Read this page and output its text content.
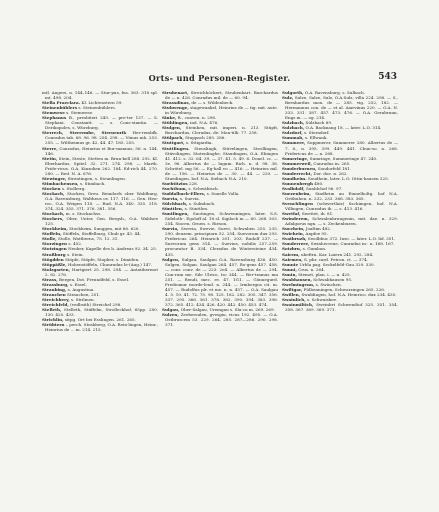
Orts- und Personen-Register.	543
mtl. Angers, n. 144–146. — Stur-pus, fus. 363. 318 spl. mt. 498. 204.
Stella Praeclara. Kl. Lichtenstern 59.
Steinenbühlers s. Steinenbühlers.
Stemwese s. Stemwese.
Stephanus B., presbiteri 249. — pre-ter 137. — S. Stephani. Constantt. — s. Cons-stantia. — Derikopoles, s. Würzburg.
Sterrech, Sterrembe, Sternenrik Her-rembfk. Conradus tab. 68. 96. 98. 254. 298. — Viinus mh. 253. 255. — Wiltheimus gr. 42. 44. 47. 185. 255.
Sterre, Conradus, Heinrius et Bur-mannus, 56. n. 144. 146.
Stetin, Stein, Steste, Stetten m. Brun-kell 288. 292. Kl. Eberhardus, Spitel. 32. 271. 274. 298. — Marth. Fride-ricus. O.A. Kinzolien 262. 184. Ed-rich 44. 270. 280. — Red. N. A. 676.
Stewinger, Strentingen, s. Steunlingen.
Stimbachensen, s. Stimbach.
Stocken s. Stolberg.
Stockach, Stocken, Greu. Beindorfs ober Waldburg, O.A. Ravensburg, Waltheus ov. 117. 116. — Gen. Heu-roc, O.A. Weigen 118. — Rud. N.A. 340. 335. 318. 374. 324. 355. 371. 376. 381. 356.
Stockach, m. s. Stockachss.
Stochers, Ober, Unter, Gen. Bergsh., O.A. Waldsee 125.
Stockheim, Stockheim, Sunggen, mit 66. 620.
Stoffeln, Stöffeln, Stoffelburg, Chub gr. 43. 44.
Stolle, Stolle, Wattberns, 75. 12. 31.
Storzingen s. 452.
Stotzingen Neuber, Kapelle des h. Andreas 92. 34. 25.
Straßburg s. Stein.
Stögdden Stöpfe, Stöpfe, Stopher, s. Dimiden.
Stöppäßle, Hohenstöffeln, Chunradus le-(Aug.) 147.
Stolzgarten, Hartgiert 25. 298. 294. — Antatihermot 2. 82. 276.
Strass, Bergen, Dot. Freundfeld, s. Essel.
Strassburg, s. Essel.
Straubing, s. Augustina.
Strauchen Strauchen, 251.
Streichbery, s. Strilmen.
Streichfeld, (vedbsith) Streichel 298.
Stelleth, Stelleth, Stüffelm, Strolleckhof, 65pp. 280. 130. 420. 433.
Strichlin, sitpg. Ort bei Esslingen. 261. 265.
Strübtern – perch. Strahberg, O.A. Rein-lingen, Heinr., Heinrius de ... m. 214. 215.
Strubenart, Streichhöckert, Strubenhart. Burchardus de — n. 426. Conradus mil. de — 60. 94.
Strassdinas, de — s. Wildenbeck.
Stuhwenge, stagewankel, Heinrius de — tig. mit. aute. in Würzburg.
Sinke, B., conven. n. 296.
Stühlingen, ind. N.A. 476.
Stulgen, Steinhen, mit. imperi. n. 213. Stüpfi, Burchardus, Cleradus, de: Mon-tilb. 77. 258.
Stülpach, Stuppach 285. 286.
Stuttgart, s. Sttigardia.
Stuttlingen. Steuslingh, Stüvelingen, Steollingen, Stüvolingen, Stotenlinghe, Staudingen, O.A. Ehingen 41. 412. s. 32. 64. 39. — 37. 41. 5. 49. 6. Donel. cc. — 3e. 96. Albertus de — lugnm. Rich. n. d. 98. 38. Schrötel. mg 56. — Eg-hall vo — 416. — Heinrius mil. de — 156. — Heinrius de — 30. — 44. — 220. — Stuedingen, hof. N.A. Siebach N.A. 210.
Suebtitzios 228.
Suchthum, s. Schwäbisch.
Suddalbach-Ellers, s. Sunelle Volla.
Suevia, s. Suevia.
Sülchbach, s. Sulmbach.
Sünttlen, s. Sünttlen.
Suntlingen, Suotingen, Schwenningen, later. S.S. Sideloth-. Egoloff al. 18 sl. Sigiloch m — 60. 268. 303. 254. Siocen, Gruen. s. Rieson.
Suevia, Swevia, Swevie, Suevi, Schwaben 255. 235. 290. deuzem. principiarn 52. 254. Suevorum dux 293. Fridericus 264. Heinrich 201. 203. Rudolf 237. — Suevorum gens 314. — Suevius, nobilis 257–259. procurator B. 334. Cleradus de Wintersteine 434. 435.
Sulgen, Sulgau, Saulgau O.A. Ravensburg 436. 450. Sulgen, Sulgan. Saulgau 264. 457. Ro-gens 457. 458. — conr. conv. de — 223. 2e4. — Albertus de — 294. Cun-rum me. Sile Ulrico, tsc 344. — Ber-tramus mn 251. — Rendi, mec. re. 47. 1G1. — Gönnegurd. Prediomur morde-lend. n. 244. — Irmbergus cit. m. 457. — Rudolfus plr. et me. n. n. 457. — O.A. Saulgau 4. 5. 10. 41. 72. 75. 98. 125. 182. 282. 305. 347. 356. 337. 295. 366. 361. 378. 382. 390. 394. 383. 396. 372. 365. 412. 434. 426. 420. 442. 450. 453. 474.
Sulgau, Ober-Salgau, Uremgau s. Sla-cu m. 269. 269.
Sulzen, Zeebersulen, gvesgiu, vicus 192. 495. — O.A. Ostbruscem 53. 229. 264. 285. 287—286. 290. 298. 371.
Sulgorth, O.A. Ravensburg, s. Sulbach.
Sulz, Sulze, Salze, Sulz, O.A.Sulz, villa 224. 298. — S., Bernhardus mon. de — 285. vig. 252, 182. — Hermannus con. de — et al. Aiarvinus 220. — O.A. N. 333. 331. 387. 457. 473. 476. — O.A. Gerabrunn, Engs m. — og. 214.
Sulzbach, Sülzbach 89.
Sulzbach, O.A. Backnang 18. — later. L.O. 314.
Sulzdorf, s. Steradorf.
Summah, s. Ellwank.
Summere, Suppmerer, Summerer 280. Albertus de — 7. 8., n. 395. 399. 449. 441. Chun-so. n. 268. Fridericus de — n. 268.
Sumeringe, Sumringe, Summeringe 47. 240.
Summerweil, Cunradus in. 265.
Sunderburnen, Sondorfeld 181.
Sunderrecht, Dor. doe. n. 262.
Sundheim. Soudhein, later. L.O. Ottin-hausen 325.
Sunnenbergh 480.
Svalbdolf, Sunldchof 96. 97.
Suezenbrim, Sindbrim au Einnelboltg. hof N.A. Ortibuhen. n. 232. 233. 366. 383. 365.
Svenchlingen (schwertlaiz) Sschimgen, hof. N.A. Villingen, Cunradus ib. — s. 413. 416.
Swetfaf, Swettet, ib. 81.
Swinderem, Schwalenbruugenin, mit. dae. n. 329. Adalgorus ngn. — s. Zeckenbuzen.
Sucehein, Joaftim 482.
Swiehein, Anpfoe 95.
Svatbruzh, Swolbbuc 372. Inse. — later. L.O. lid. 351.
Sunderrere, Swinhecreue, Cunradus in-. n. 168. 167.
Sotzbrn, s. Gumbon.
Sairem, ubeftrn. Kar. Laiern 241. 292. 284.
Sairmen, S. pbr. card. Petron. ct. — 374.
Sunnie Urbla pag. Seckelfeld-Gau 329. 330.
Sunni, Crus. n. 264.
Sunin, Stemet, plan. i. — n. 425.
Swabhausen, Schwabhausen 95.
Swelmingenn, s. Swinchen.
Swiltgar, Fülbenningen, Schwarzingen 265. 226.
Swillen, Swablingen, hof. N.A. Heinrico. dux 234. 435.
Swainlich, s. Schwaiskee.
Swainmiltich, Sweinbrt Schwendtof 325. 351. 354. 358. 367. 369. 369. 371.
